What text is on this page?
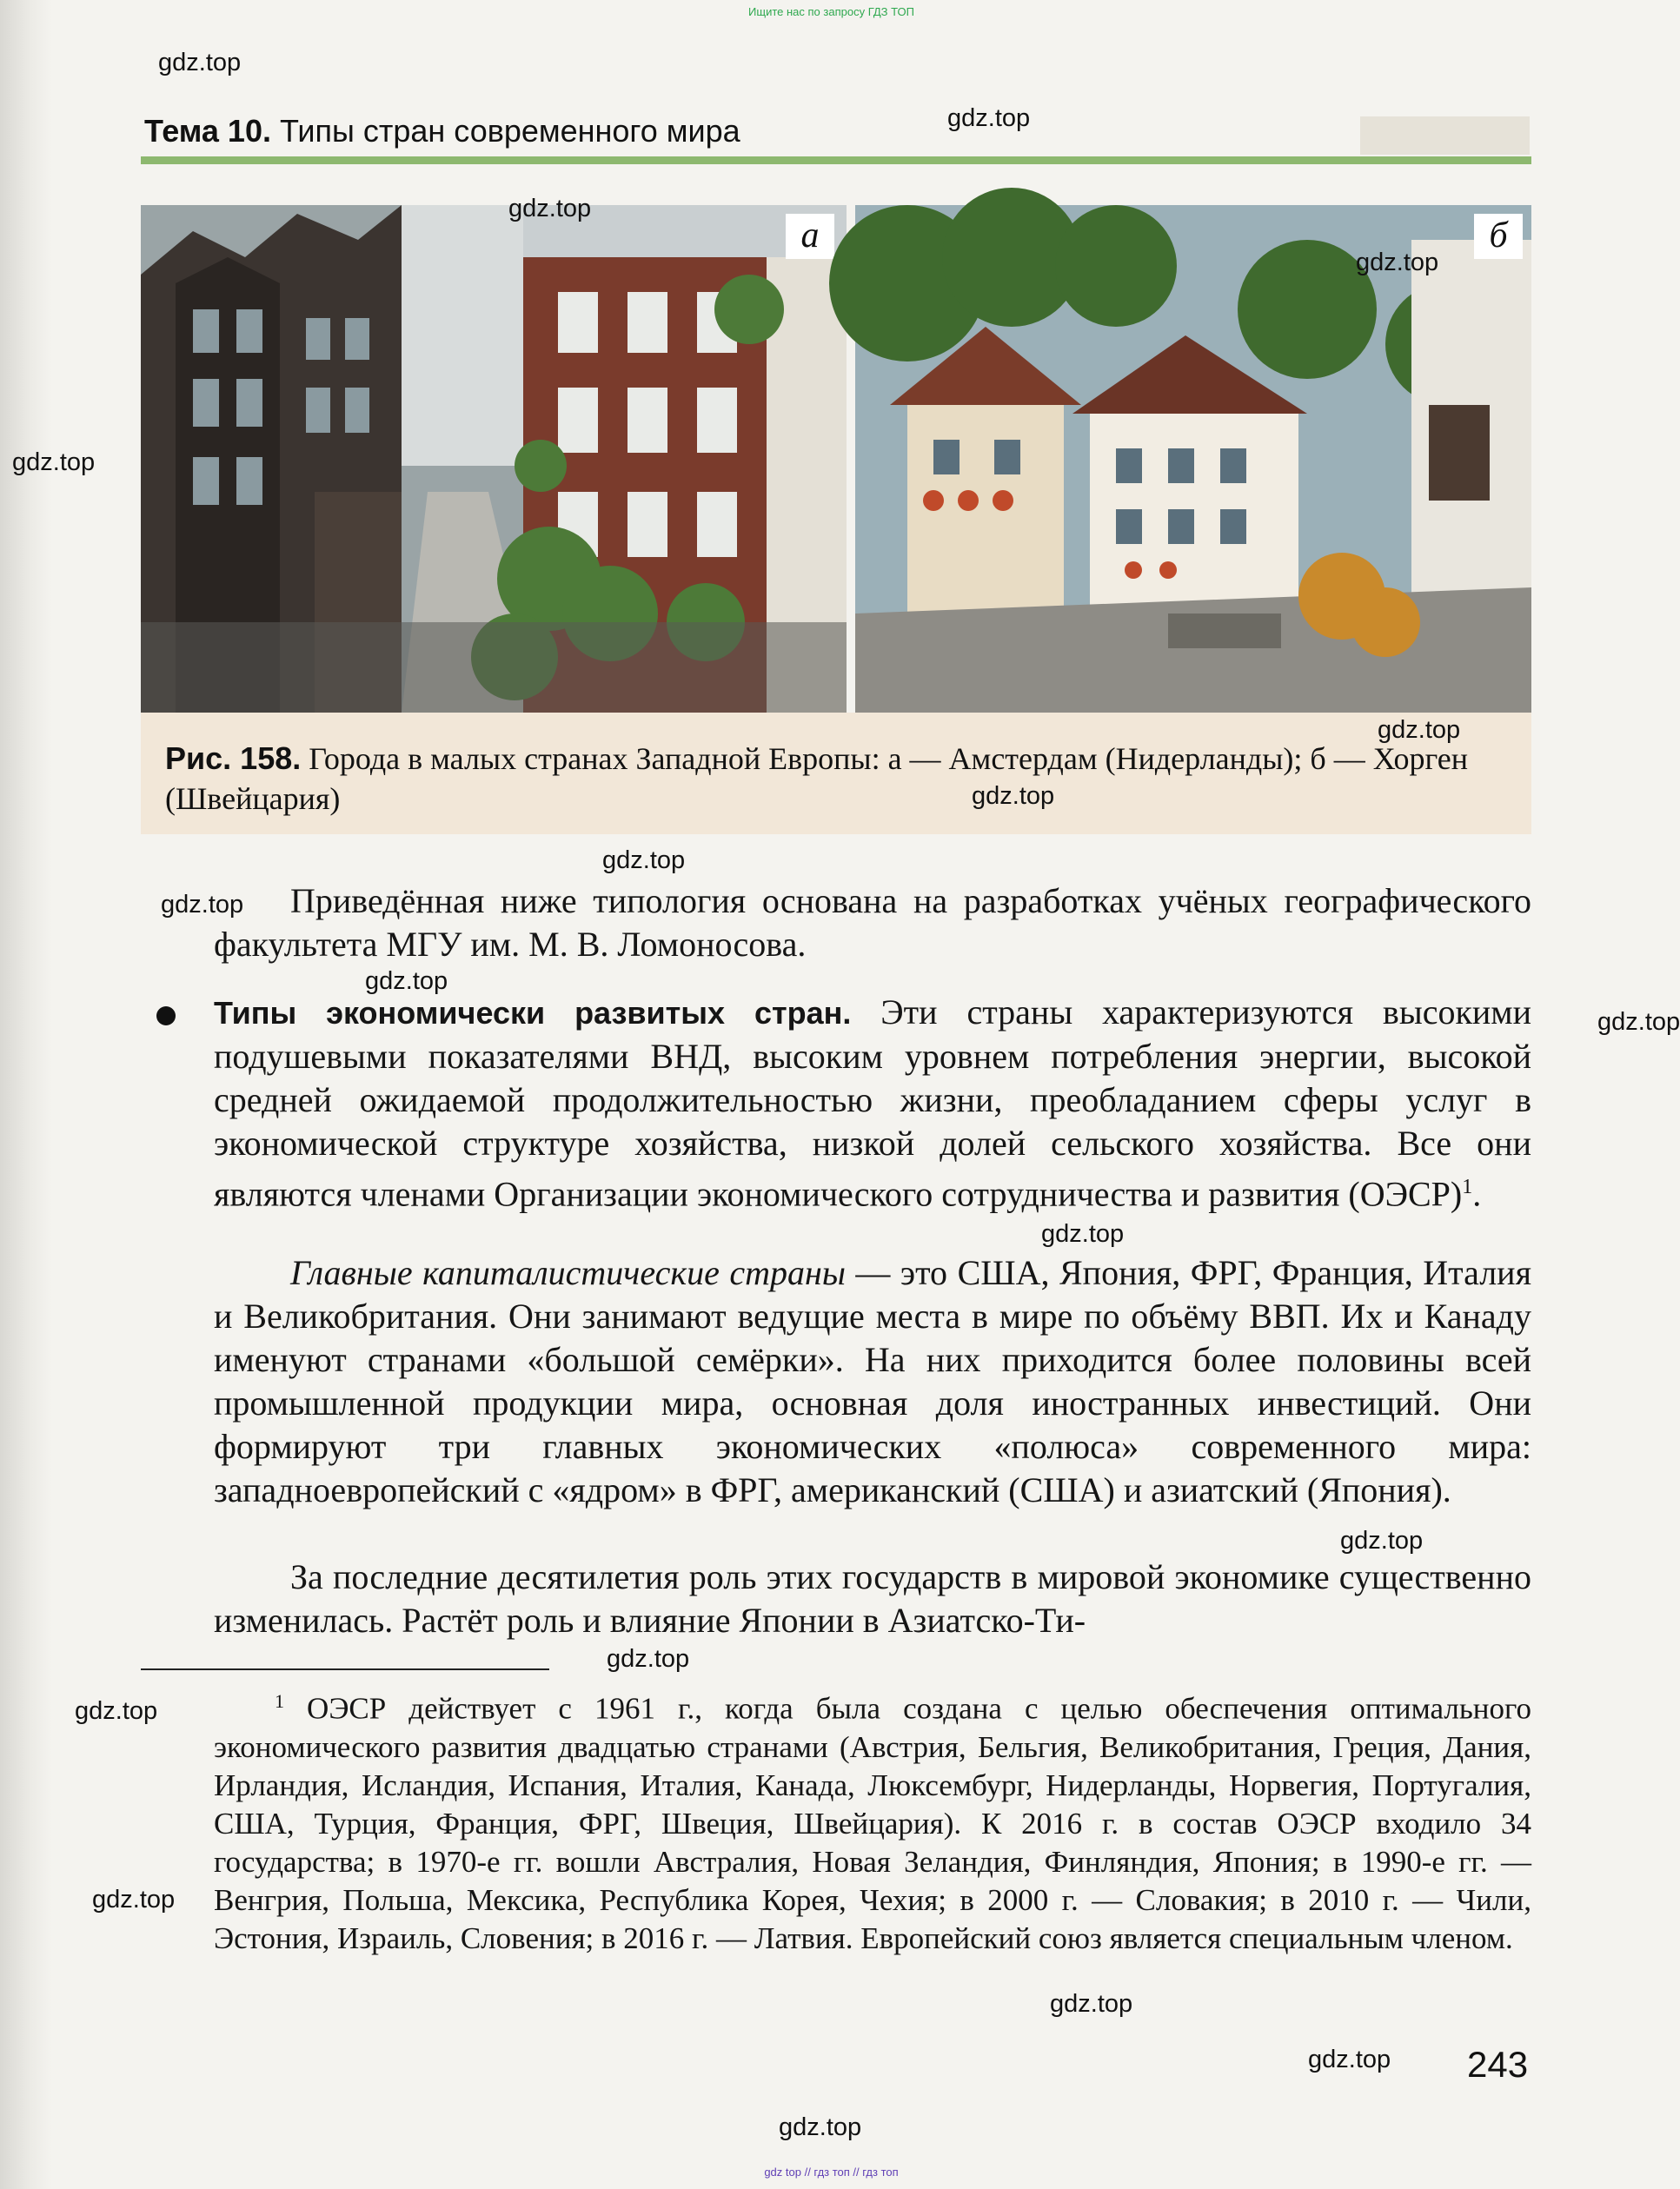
Ищите нас по запросу ГДЗ ТОП
Тема 10. Типы стран современного мира
а	б
Рис. 158. Города в малых странах Западной Европы: а — Амстердам (Нидерланды); б — Хорген (Швейцария)

Приведённая ниже типология основана на разработках учёных географического факультета МГУ им. М. В. Ломоносова.

Типы экономически развитых стран. Эти страны характеризуются высокими подушевыми показателями ВНД, высоким уровнем потребления энергии, высокой средней ожидаемой продолжительностью жизни, преобладанием сферы услуг в экономической структуре хозяйства, низкой долей сельского хозяйства. Все они являются членами Организации экономического сотрудничества и развития (ОЭСР)$^1$.

Главные капиталистические страны — это США, Япония, ФРГ, Франция, Италия и Великобритания. Они занимают ведущие места в мире по объёму ВВП. Их и Канаду именуют странами «большой семёрки». На них приходится более половины всей промышленной продукции мира, основная доля иностранных инвестиций. Они формируют три главных экономических «полюса» современного мира: западноевропейский с «ядром» в ФРГ, американский (США) и азиатский (Япония).

За последние десятилетия роль этих государств в мировой экономике существенно изменилась. Растёт роль и влияние Японии в Азиатско-Ти-

$^1$ ОЭСР действует с 1961 г., когда была создана с целью обеспечения оптимального экономического развития двадцатью странами (Австрия, Бельгия, Великобритания, Греция, Дания, Ирландия, Исландия, Испания, Италия, Канада, Люксембург, Нидерланды, Норвегия, Португалия, США, Турция, Франция, ФРГ, Швеция, Швейцария). К 2016 г. в состав ОЭСР входило 34 государства; в 1970-е гг. вошли Австралия, Новая Зеландия, Финляндия, Япония; в 1990-е гг. — Венгрия, Польша, Мексика, Республика Корея, Чехия; в 2000 г. — Словакия; в 2010 г. — Чили, Эстония, Израиль, Словения; в 2016 г. — Латвия. Европейский союз является специальным членом.

243
gdz.top
gdz.top
gdz.top
gdz.top
gdz.top
gdz.top
gdz.top
gdz.top
gdz.top
gdz.top
gdz.top
gdz.top
gdz.top
gdz.top
gdz.top
gdz.top
gdz.top
gdz.top
gdz.top
gdz top // гдз топ // гдз топ
